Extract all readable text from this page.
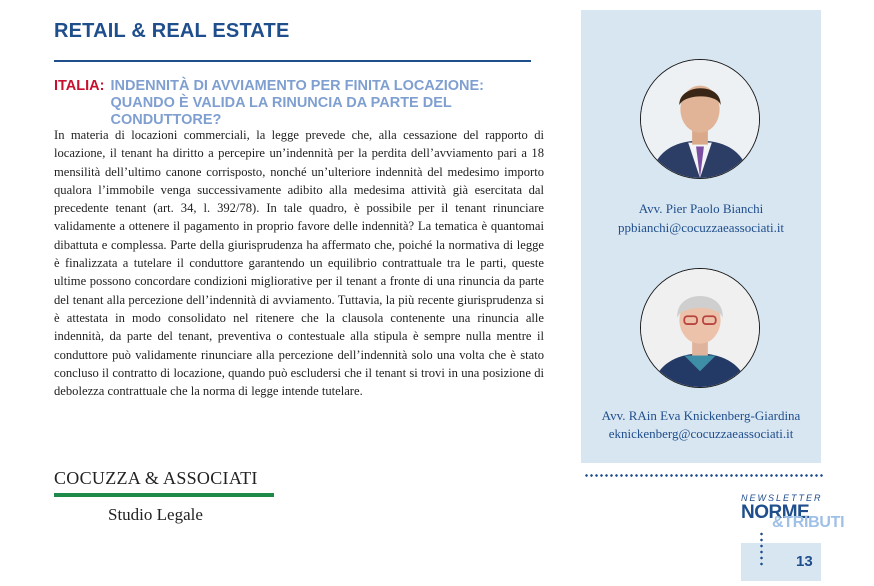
RETAIL & REAL ESTATE
ITALIA: INDENNITÀ DI AVVIAMENTO PER FINITA LOCAZIONE: QUANDO È VALIDA LA RINUNCIA DA PARTE DEL CONDUTTORE?
In materia di locazioni commerciali, la legge prevede che, alla cessazione del rapporto di locazione, il tenant ha diritto a percepire un’indennità per la perdita dell’avviamento pari a 18 mensilità dell’ultimo canone corrisposto, nonché un’ulteriore indennità del medesimo importo qualora l’immobile venga successivamente adibito alla medesima attività già esercitata dal precedente tenant (art. 34, l. 392/78). In tale quadro, è possibile per il tenant rinunciare validamente a ottenere il pagamento in proprio favore delle indennità? La tematica è quantomai dibattuta e complessa. Parte della giurisprudenza ha affermato che, poiché la normativa di legge è finalizzata a tutelare il conduttore garantendo un equilibrio contrattuale tra le parti, queste ultime possono concordare condizioni migliorative per il tenant a fronte di una rinuncia da parte del tenant alla percezione dell’indennità di avviamento. Tuttavia, la più recente giurisprudenza si è attestata in modo consolidato nel ritenere che la clausola contenente una rinuncia alle indennità, da parte del tenant, preventiva o contestuale alla stipula è sempre nulla mentre il conduttore può validamente rinunciare alla percezione dell’indennità solo una volta che è stato concluso il contratto di locazione, quando può escludersi che il tenant si trovi in una posizione di debolezza contrattuale che la norma di legge intende tutelare.
COCUZZA & ASSOCIATI
Studio Legale
Avv. Pier Paolo Bianchi
ppbianchi@cocuzzaeassociati.it
Avv. RAin Eva Knickenberg-Giardina
eknickenberg@cocuzzaeassociati.it
NEWSLETTER
NORME
&TRIBUTI
13
